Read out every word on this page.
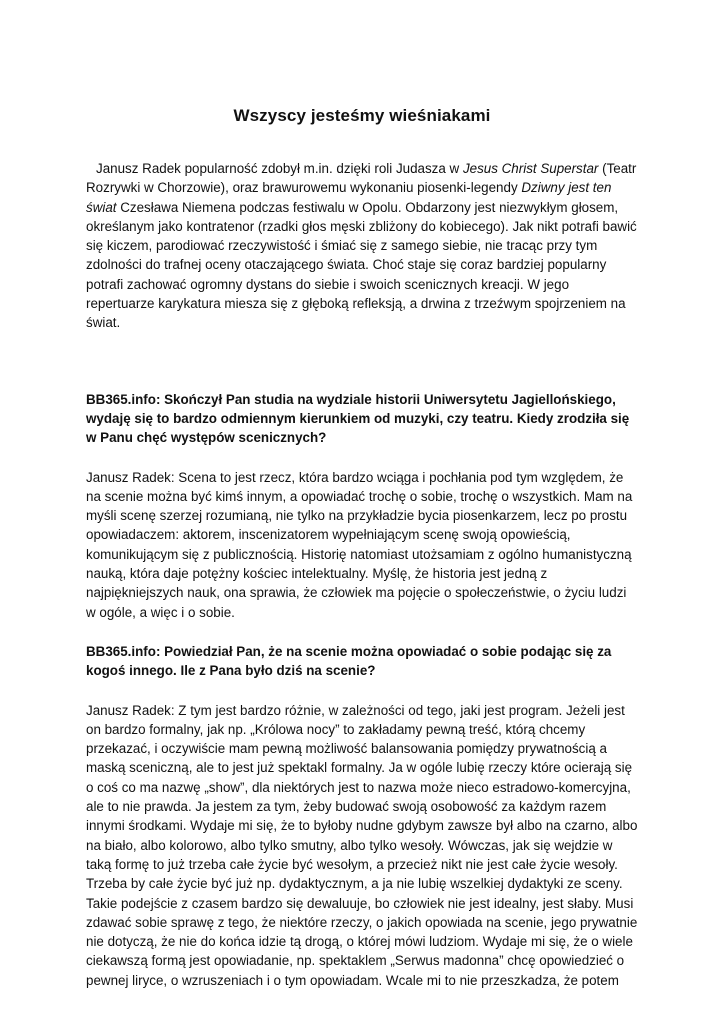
Wszyscy jesteśmy wieśniakami

Janusz Radek popularność zdobył m.in. dzięki roli Judasza w Jesus Christ Superstar (Teatr Rozrywki w Chorzowie), oraz brawurowemu wykonaniu piosenki-legendy Dziwny jest ten świat Czesława Niemena podczas festiwalu w Opolu. Obdarzony jest niezwykłym głosem, określanym jako kontratenor (rzadki głos męski zbliżony do kobiecego). Jak nikt potrafi bawić się kiczem, parodiować rzeczywistość i śmiać się z samego siebie, nie tracąc przy tym zdolności do trafnej oceny otaczającego świata. Choć staje się coraz bardziej popularny potrafi zachować ogromny dystans do siebie i swoich scenicznych kreacji. W jego repertuarze karykatura miesza się z głęboką refleksją, a drwina z trzeźwym spojrzeniem na świat.

BB365.info: Skończył Pan studia na wydziale historii Uniwersytetu Jagiellońskiego, wydaję się to bardzo odmiennym kierunkiem od muzyki, czy teatru. Kiedy zrodziła się w Panu chęć występów scenicznych?

Janusz Radek: Scena to jest rzecz, która bardzo wciąga i pochłania pod tym względem, że na scenie można być kimś innym, a opowiadać trochę o sobie, trochę o wszystkich. Mam na myśli scenę szerzej rozumianą, nie tylko na przykładzie bycia piosenkarzem, lecz po prostu opowiadaczem: aktorem, inscenizatorem wypełniającym scenę swoją opowieścią, komunikującym się z publicznością. Historię natomiast utożsamiam z ogólno humanistyczną nauką, która daje potężny kościec intelektualny. Myślę, że historia jest jedną z najpiękniejszych nauk, ona sprawia, że człowiek ma pojęcie o społeczeństwie, o życiu ludzi w ogóle, a więc i o sobie.

BB365.info: Powiedział Pan, że na scenie można opowiadać o sobie podając się za kogoś innego. Ile z Pana było dziś na scenie?

Janusz Radek: Z tym jest bardzo różnie, w zależności od tego, jaki jest program. Jeżeli jest on bardzo formalny, jak np. „Królowa nocy” to zakładamy pewną treść, którą chcemy przekazać, i oczywiście mam pewną możliwość balansowania pomiędzy prywatnością a maską sceniczną, ale to jest już spektakl formalny. Ja w ogóle lubię rzeczy które ocierają się o coś co ma nazwę „show”, dla niektórych jest to nazwa może nieco estradowo-komercyjna, ale to nie prawda. Ja jestem za tym, żeby budować swoją osobowość za każdym razem innymi środkami. Wydaje mi się, że to byłoby nudne gdybym zawsze był albo na czarno, albo na biało, albo kolorowo, albo tylko smutny, albo tylko wesoły. Wówczas, jak się wejdzie w taką formę to już trzeba całe życie być wesołym, a przecież nikt nie jest całe życie wesoły. Trzeba by całe życie być już np. dydaktycznym, a ja nie lubię wszelkiej dydaktyki ze sceny. Takie podejście z czasem bardzo się dewaluuje, bo człowiek nie jest idealny, jest słaby. Musi zdawać sobie sprawę z tego, że niektóre rzeczy, o jakich opowiada na scenie, jego prywatnie nie dotyczą, że nie do końca idzie tą drogą, o której mówi ludziom. Wydaje mi się, że o wiele ciekawszą formą jest opowiadanie, np. spektaklem „Serwus madonna” chcę opowiedzieć o pewnej liryce, o wzruszeniach i o tym opowiadam. Wcale mi to nie przeszkadza, że potem
